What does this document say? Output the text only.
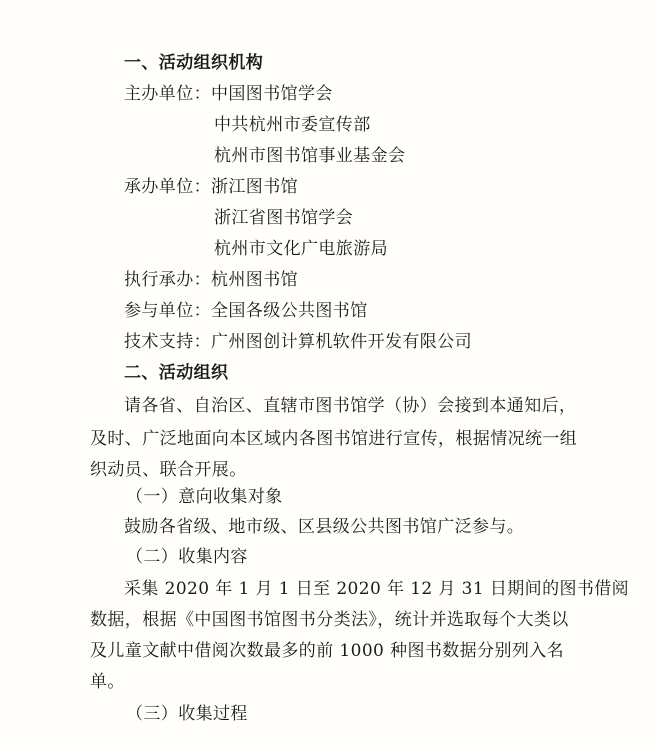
一、活动组织机构
主办单位：中国图书馆学会
中共杭州市委宣传部
杭州市图书馆事业基金会
承办单位：浙江图书馆
浙江省图书馆学会
杭州市文化广电旅游局
执行承办：杭州图书馆
参与单位：全国各级公共图书馆
技术支持：广州图创计算机软件开发有限公司
二、活动组织
请各省、自治区、直辖市图书馆学（协）会接到本通知后，
及时、广泛地面向本区域内各图书馆进行宣传，根据情况统一组
织动员、联合开展。
（一）意向收集对象
鼓励各省级、地市级、区县级公共图书馆广泛参与。
（二）收集内容
采集 2020 年 1 月 1 日至 2020 年 12 月 31 日期间的图书借阅
数据，根据《中国图书馆图书分类法》，统计并选取每个大类以
及儿童文献中借阅次数最多的前 1000 种图书数据分别列入名
单。
（三）收集过程
